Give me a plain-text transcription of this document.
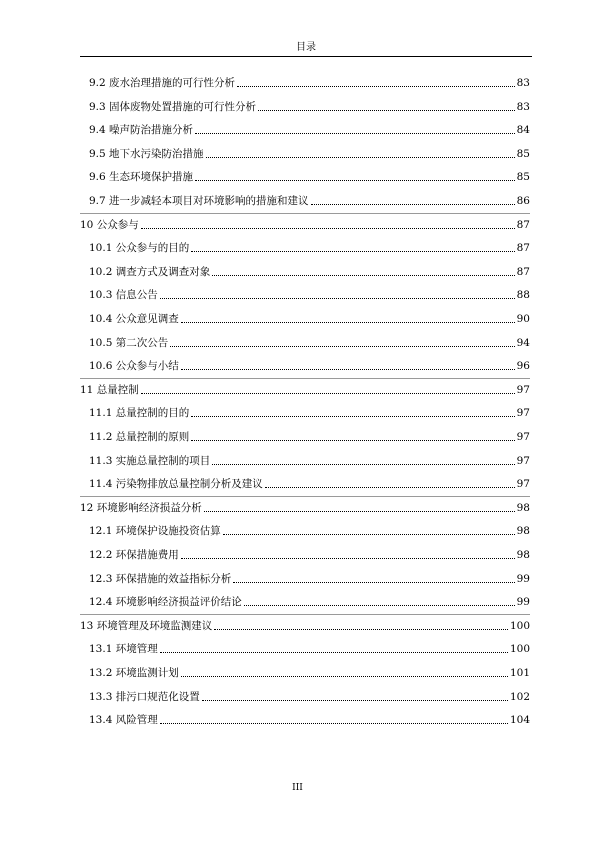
目录
9.2 废水治理措施的可行性分析	83
9.3 固体废物处置措施的可行性分析	83
9.4 噪声防治措施分析	84
9.5 地下水污染防治措施	85
9.6 生态环境保护措施	85
9.7 进一步减轻本项目对环境影响的措施和建议	86
10 公众参与	87
10.1 公众参与的目的	87
10.2 调查方式及调查对象	87
10.3 信息公告	88
10.4 公众意见调查	90
10.5 第二次公告	94
10.6 公众参与小结	96
11 总量控制	97
11.1 总量控制的目的	97
11.2 总量控制的原则	97
11.3 实施总量控制的项目	97
11.4 污染物排放总量控制分析及建议	97
12 环境影响经济损益分析	98
12.1 环境保护设施投资估算	98
12.2 环保措施费用	98
12.3 环保措施的效益指标分析	99
12.4 环境影响经济损益评价结论	99
13 环境管理及环境监测建议	100
13.1 环境管理	100
13.2 环境监测计划	101
13.3 排污口规范化设置	102
13.4 风险管理	104
III
